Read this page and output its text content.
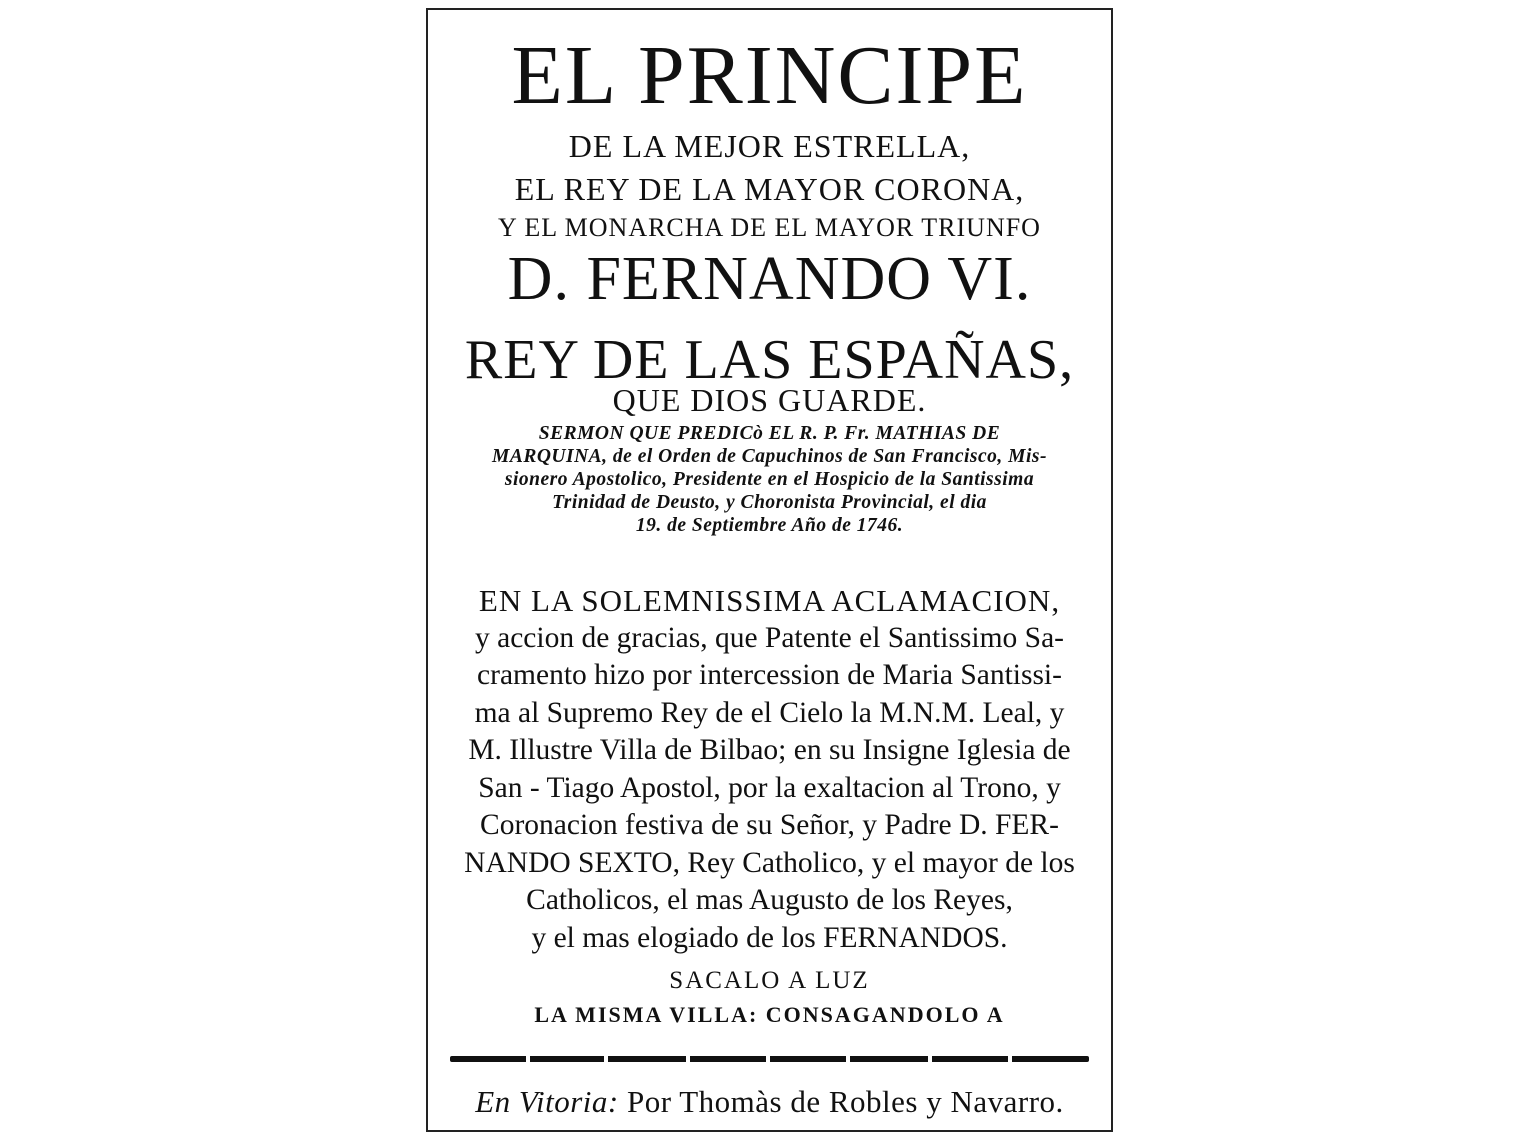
EL PRINCIPE
DE LA MEJOR ESTRELLA,
EL REY DE LA MAYOR CORONA,
Y EL MONARCHA DE EL MAYOR TRIUNFO
D. FERNANDO VI.
REY DE LAS ESPAÑAS,
QUE DIOS GUARDE.
SERMON QUE PREDICò EL R. P. Fr. MATHIAS DE
MARQUINA, de el Orden de Capuchinos de San Francisco, Mis-
sionero Apostolico, Presidente en el Hospicio de la Santissima
Trinidad de Deusto, y Choronista Provincial, el dia
19. de Septiembre Año de 1746.
EN LA SOLEMNISSIMA ACLAMACION,
y accion de gracias, que Patente el Santissimo Sa-
cramento hizo por intercession de Maria Santissi-
ma al Supremo Rey de el Cielo la M.N.M. Leal, y
M. Illustre Villa de Bilbao; en su Insigne Iglesia de
San - Tiago Apostol, por la exaltacion al Trono, y
Coronacion festiva de su Señor, y Padre D. FER-
NANDO SEXTO, Rey Catholico, y el mayor de los
Catholicos, el mas Augusto de los Reyes,
y el mas elogiado de los FERNANDOS.
SACALO A LUZ
LA MISMA VILLA: CONSAGANDOLO A
En Vitoria: Por Thomàs de Robles y Navarro.
